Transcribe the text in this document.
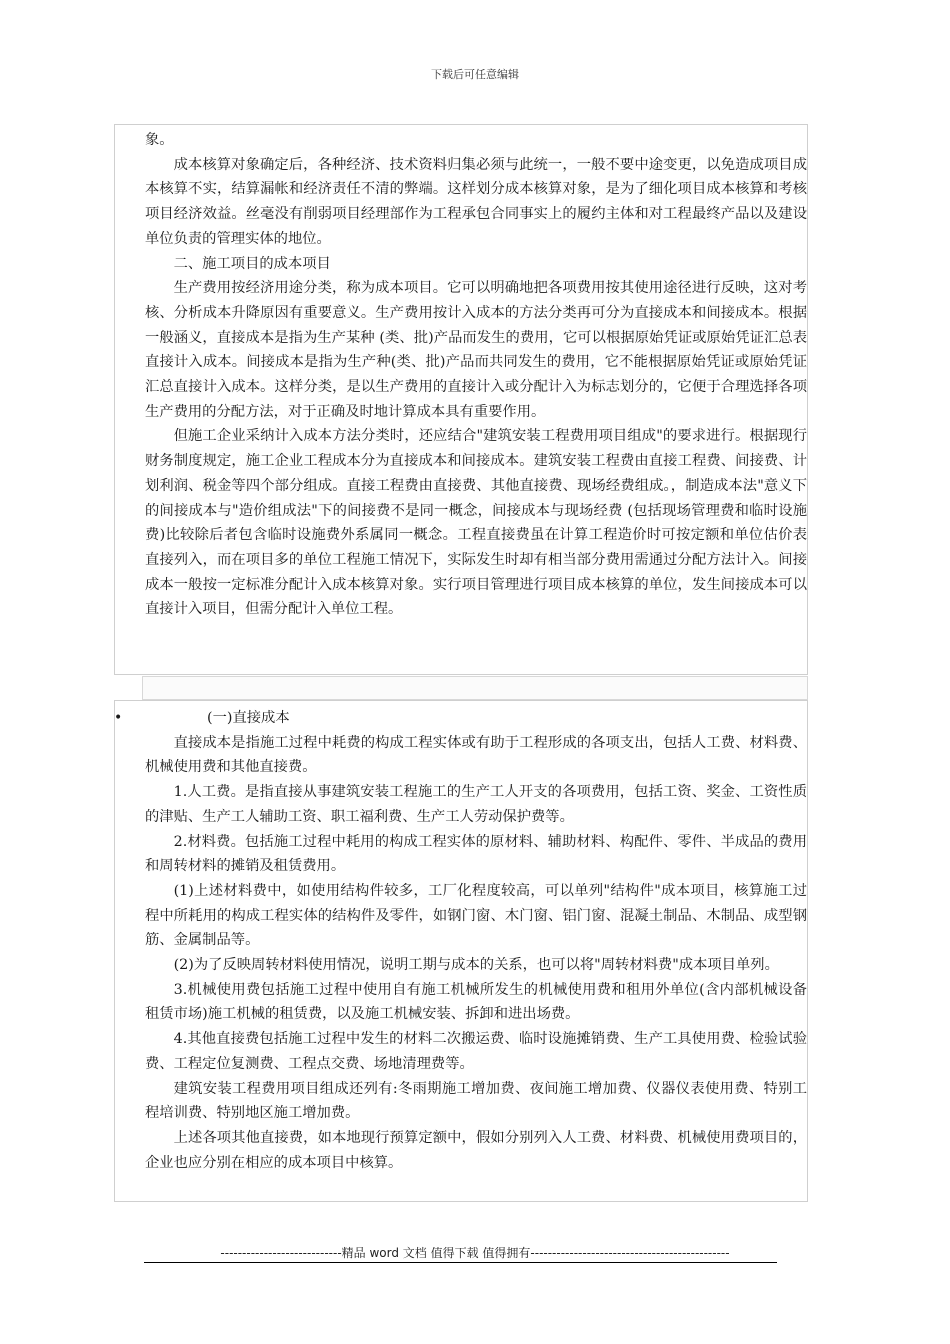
下载后可任意编辑

象。

成本核算对象确定后，各种经济、技术资料归集必须与此统一，一般不要中途变更，以免造成项目成本核算不实，结算漏帐和经济责任不清的弊端。这样划分成本核算对象，是为了细化项目成本核算和考核项目经济效益。丝毫没有削弱项目经理部作为工程承包合同事实上的履约主体和对工程最终产品以及建设单位负责的管理实体的地位。

二、施工项目的成本项目

生产费用按经济用途分类，称为成本项目。它可以明确地把各项费用按其使用途径进行反映，这对考核、分析成本升降原因有重要意义。生产费用按计入成本的方法分类再可分为直接成本和间接成本。根据一般涵义，直接成本是指为生产某种 (类、批)产品而发生的费用，它可以根据原始凭证或原始凭证汇总表直接计入成本。间接成本是指为生产种(类、批)产品而共同发生的费用，它不能根据原始凭证或原始凭证汇总直接计入成本。这样分类，是以生产费用的直接计入或分配计入为标志划分的，它便于合理选择各项生产费用的分配方法，对于正确及时地计算成本具有重要作用。

但施工企业采纳计入成本方法分类时，还应结合"建筑安装工程费用项目组成"的要求进行。根据现行财务制度规定，施工企业工程成本分为直接成本和间接成本。建筑安装工程费由直接工程费、间接费、计划利润、税金等四个部分组成。直接工程费由直接费、其他直接费、现场经费组成。，制造成本法"意义下的间接成本与"造价组成法"下的间接费不是同一概念，间接成本与现场经费 (包括现场管理费和临时设施费)比较除后者包含临时设施费外系属同一概念。工程直接费虽在计算工程造价时可按定额和单位估价表直接列入，而在项目多的单位工程施工情况下，实际发生时却有相当部分费用需通过分配方法计入。间接成本一般按一定标准分配计入成本核算对象。实行项目管理进行项目成本核算的单位，发生间接成本可以直接计入项目，但需分配计入单位工程。

•	(一)直接成本

直接成本是指施工过程中耗费的构成工程实体或有助于工程形成的各项支出，包括人工费、材料费、机械使用费和其他直接费。

1.人工费。是指直接从事建筑安装工程施工的生产工人开支的各项费用，包括工资、奖金、工资性质的津贴、生产工人辅助工资、职工福利费、生产工人劳动保护费等。

2.材料费。包括施工过程中耗用的构成工程实体的原材料、辅助材料、构配件、零件、半成品的费用和周转材料的摊销及租赁费用。

(1)上述材料费中，如使用结构件较多，工厂化程度较高，可以单列"结构件"成本项目，核算施工过程中所耗用的构成工程实体的结构件及零件，如钢门窗、木门窗、铝门窗、混凝土制品、木制品、成型钢筋、金属制品等。

(2)为了反映周转材料使用情况，说明工期与成本的关系，也可以将"周转材料费"成本项目单列。

3.机械使用费包括施工过程中使用自有施工机械所发生的机械使用费和租用外单位(含内部机械设备租赁市场)施工机械的租赁费，以及施工机械安装、拆卸和进出场费。

4.其他直接费包括施工过程中发生的材料二次搬运费、临时设施摊销费、生产工具使用费、检验试验费、工程定位复测费、工程点交费、场地清理费等。

建筑安装工程费用项目组成还列有:冬雨期施工增加费、夜间施工增加费、仪器仪表使用费、特别工程培训费、特别地区施工增加费。

上述各项其他直接费，如本地现行预算定额中，假如分别列入人工费、材料费、机械使用费项目的，企业也应分别在相应的成本项目中核算。

----------------------------精品 word 文档 值得下载 值得拥有----------------------------------------------
